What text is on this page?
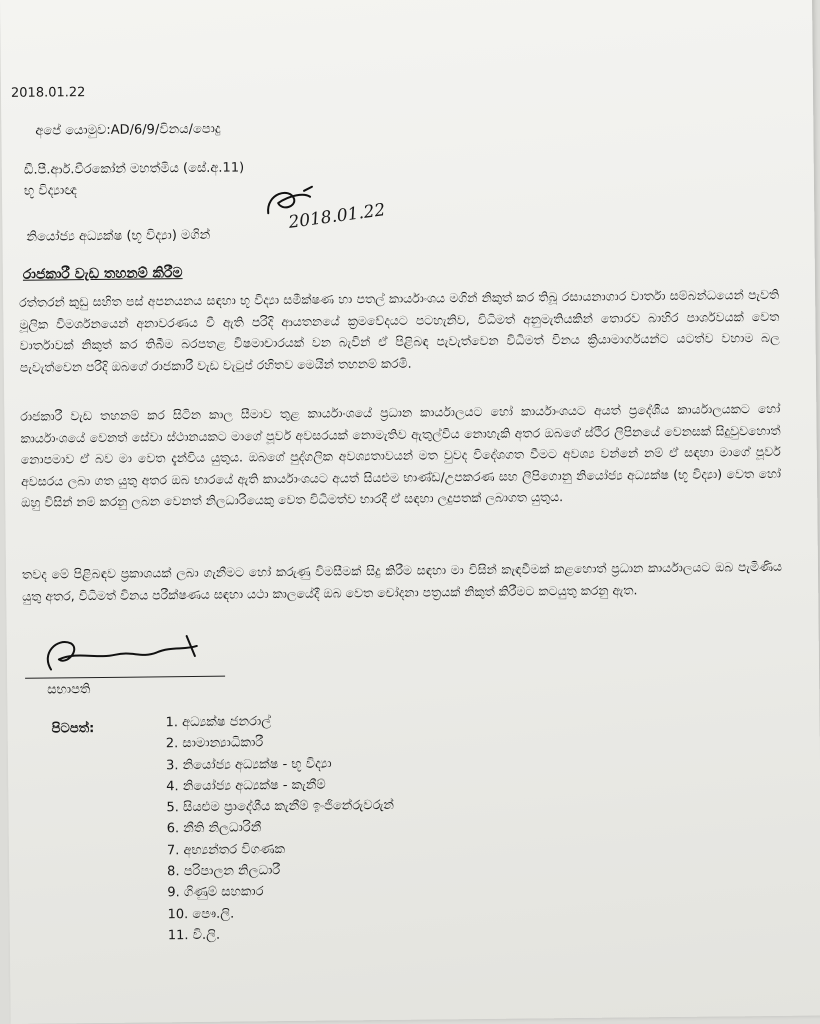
2018.01.22
අපේ යොමුව:AD/6/9/විනය/පොදු
ඩී.පී.ආර්.වීරකෝන් මහත්මිය (සේ.අ.11)
භූ විද්‍යාඥ
නියෝජ්‍ය අධ්‍යක්ෂ (භූ විද්‍යා) මගින්
2018.01.22
රාජකාරී වැඩ තහනම් කිරීම
රත්තරන් කුඩු සහිත පස් අපනයනය සඳහා භූ විද්‍යා සමීක්ෂණ හා පතල් කාර්යාංශය මගින් නිකුත් කර තිබූ රසායනාගාර වාර්තා සම්බන්ධයෙන් පැවති මූලික විමර්ශනයෙන් අනාවරණය වී ඇති පරිදි ආයතනයේ ක්‍රමවේදයට පටහැනිව, විධිමත් අනුමැතියකින් තොරව බාහිර පාර්ශවයක් වෙත වාර්තාවක් නිකුත් කර තිබීම බරපතළ විෂමාචාරයක් වන බැවින් ඒ පිළිබඳ පැවැත්වෙන විධිමත් විනය ක්‍රියාමාර්ගයන්ට යටත්ව වහාම බල පැවැත්වෙන පරිදි ඔබගේ රාජකාරී වැඩ වැටුප් රහිතව මෙයින් තහනම් කරමි.
රාජකාරී වැඩ තහනම් කර සිටින කාල සීමාව තුළ කාර්යාංශයේ ප්‍රධාන කාර්යාලයට හෝ කාර්යාංශයට අයත් ප්‍රදේශීය කාර්යාලයකට හෝ කාර්යාංශයේ වෙනත් සේවා ස්ථානයකට මාගේ පූර්ව අවසරයක් නොමැතිව ඇතුල්විය නොහැකි අතර ඔබගේ ස්ථිර ලිපිනයේ වෙනසක් සිදුවුවහොත් නොපමාව ඒ බව මා වෙත දැන්විය යුතුය. ඔබගේ පුද්ගලික අවශ්‍යතාවයන් මත වුවද විදේශගත වීමට අවශ්‍ය වන්නේ නම් ඒ සඳහා මාගේ පූර්ව අවසරය ලබා ගත යුතු අතර ඔබ භාරයේ ඇති කාර්යාංශයට අයත් සියළුම භාණ්ඩ/උපකරණ සහ ලිපිගොනු නියෝජ්‍ය අධ්‍යක්ෂ (භූ විද්‍යා) වෙත හෝ ඔහු විසින් නම් කරනු ලබන වෙනත් නිලධාරියෙකු වෙත විධිමත්ව භාරදී ඒ සඳහා ලදුපතක් ලබාගත යුතුය.
තවද මේ පිළිබඳව ප්‍රකාශයක් ලබා ගැනීමට හෝ කරුණු විමසීමක් සිදු කිරීම සඳහා මා විසින් කැඳවීමක් කළහොත් ප්‍රධාන කාර්යාලයට ඔබ පැමිණිය යුතු අතර, විධිමත් විනය පරීක්ෂණය සඳහා යථා කාලයේදී ඔබ වෙත චෝදනා පත්‍රයක් නිකුත් කිරීමට කටයුතු කරනු ඇත.
සභාපති
පිටපත්:	1. අධ්‍යක්ෂ ජනරාල්
2. සාමාන්‍යාධිකාරී
3. නියෝජ්‍ය අධ්‍යක්ෂ - භූ විද්‍යා
4. නියෝජ්‍ය අධ්‍යක්ෂ - කැනීම්
5. සියළුම ප්‍රාදේශීය කැනීම් ඉංජිනේරුවරුන්
6. නීති නිලධාරිනී
7. අභ්‍යන්තර විගණක
8. පරිපාලන නිලධාරී
9. ගිණුම් සහකාර
10. පෞ.ලි.
11. වි.ලි.
